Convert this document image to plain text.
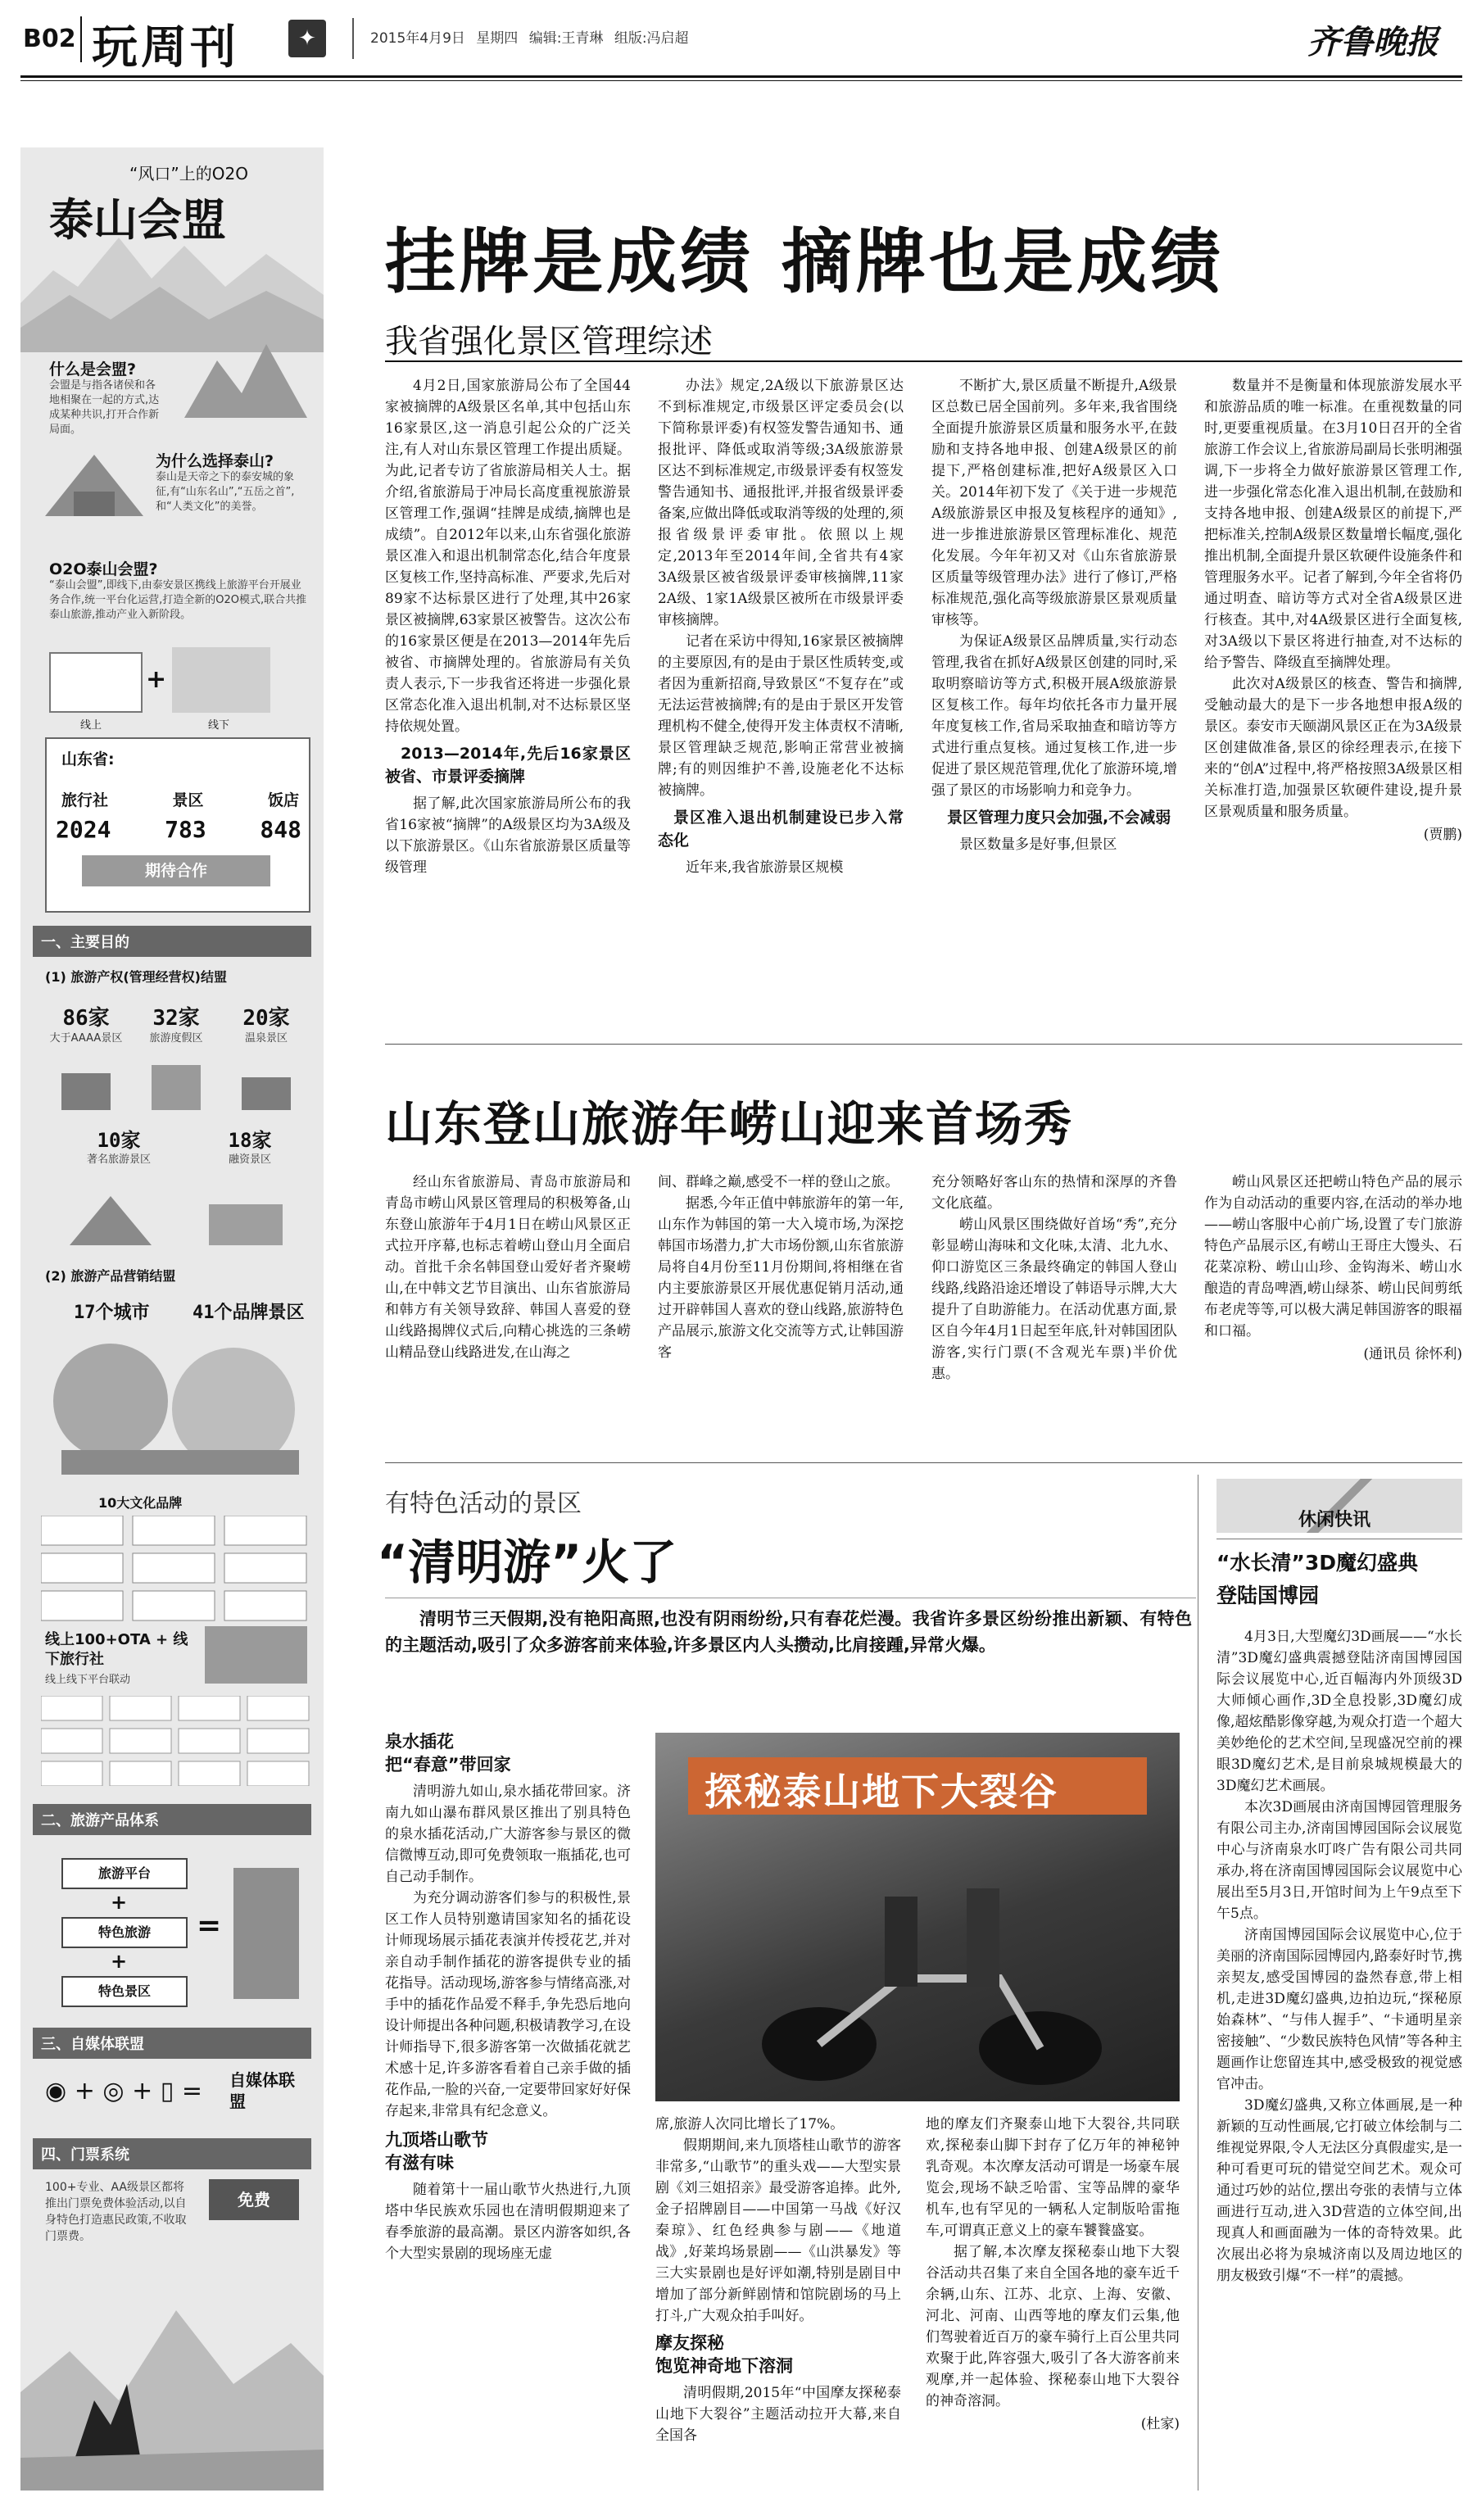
B02 玩周刊	✦	2015年4月9日 星期四 编辑:王青琳 组版:冯启超	齐鲁晚报
“风口”上的O2O
泰山会盟
什么是会盟?
会盟是与指各诸侯和各地相聚在一起的方式,达成某种共识,打开合作新局面。
为什么选择泰山?
泰山是天帝之下的泰安城的象征,有“山东名山”,“五岳之首”,和“人类文化”的美誉。
O2O泰山会盟?
“泰山会盟”,即线下,由泰安景区携线上旅游平台开展业务合作,统一平台化运营,打造全新的O2O模式,联合共推泰山旅游,推动产业入新阶段。
+
线上	线下
山东省:
旅行社	景区	饭店
2024 783 848
期待合作
一、主要目的
(1) 旅游产权(管理经营权)结盟
86家
大于AAAA景区
32家
旅游度假区
20家
温泉景区
10家
著名旅游景区
18家
融资景区
(2) 旅游产品营销结盟
17个城市 41个品牌景区
10大文化品牌
线上100+OTA + 线下旅行社
线上线下平台联动
二、旅游产品体系
旅游平台
+
特色旅游
+
特色景区
=
三、自媒体联盟
◉ + ◎ + ▯ = 自媒体联盟
四、门票系统
100+专业、AA级景区都将推出门票免费体验活动,以自身特色打造惠民政策,不收取门票费。
免费
挂牌是成绩 摘牌也是成绩
我省强化景区管理综述

4月2日,国家旅游局公布了全国44家被摘牌的A级景区名单,其中包括山东16家景区,这一消息引起公众的广泛关注,有人对山东景区管理工作提出质疑。为此,记者专访了省旅游局相关人士。据介绍,省旅游局于冲局长高度重视旅游景区管理工作,强调“挂牌是成绩,摘牌也是成绩”。自2012年以来,山东省强化旅游景区准入和退出机制常态化,结合年度景区复核工作,坚持高标准、严要求,先后对89家不达标景区进行了处理,其中26家景区被摘牌,63家景区被警告。这次公布的16家景区便是在2013—2014年先后被省、市摘牌处理的。省旅游局有关负责人表示,下一步我省还将进一步强化景区常态化准入退出机制,对不达标景区坚持依规处置。

2013—2014年,先后16家景区被省、市景评委摘牌

据了解,此次国家旅游局所公布的我省16家被“摘牌”的A级景区均为3A级及以下旅游景区。《山东省旅游景区质量等级管理

办法》规定,2A级以下旅游景区达不到标准规定,市级景区评定委员会(以下简称景评委)有权签发警告通知书、通报批评、降低或取消等级;3A级旅游景区达不到标准规定,市级景评委有权签发警告通知书、通报批评,并报省级景评委备案,应做出降低或取消等级的处理的,须报省级景评委审批。依照以上规定,2013年至2014年间,全省共有4家3A级景区被省级景评委审核摘牌,11家2A级、1家1A级景区被所在市级景评委审核摘牌。

记者在采访中得知,16家景区被摘牌的主要原因,有的是由于景区性质转变,或者因为重新招商,导致景区“不复存在”或无法运营被摘牌;有的是由于景区开发管理机构不健全,使得开发主体责权不清晰,景区管理缺乏规范,影响正常营业被摘牌;有的则因维护不善,设施老化不达标被摘牌。

景区准入退出机制建设已步入常态化

近年来,我省旅游景区规模

不断扩大,景区质量不断提升,A级景区总数已居全国前列。多年来,我省围绕全面提升旅游景区质量和服务水平,在鼓励和支持各地申报、创建A级景区的前提下,严格创建标准,把好A级景区入口关。2014年初下发了《关于进一步规范A级旅游景区申报及复核程序的通知》,进一步推进旅游景区管理标准化、规范化发展。今年年初又对《山东省旅游景区质量等级管理办法》进行了修订,严格标准规范,强化高等级旅游景区景观质量审核等。

为保证A级景区品牌质量,实行动态管理,我省在抓好A级景区创建的同时,采取明察暗访等方式,积极开展A级旅游景区复核工作。每年均依托各市力量开展年度复核工作,省局采取抽查和暗访等方式进行重点复核。通过复核工作,进一步促进了景区规范管理,优化了旅游环境,增强了景区的市场影响力和竞争力。

景区管理力度只会加强,不会减弱

景区数量多是好事,但景区

数量并不是衡量和体现旅游发展水平和旅游品质的唯一标准。在重视数量的同时,更要重视质量。在3月10日召开的全省旅游工作会议上,省旅游局副局长张明湘强调,下一步将全力做好旅游景区管理工作,进一步强化常态化准入退出机制,在鼓励和支持各地申报、创建A级景区的前提下,严把标准关,控制A级景区数量增长幅度,强化推出机制,全面提升景区软硬件设施条件和管理服务水平。记者了解到,今年全省将仍通过明查、暗访等方式对全省A级景区进行核查。其中,对4A级景区进行全面复核,对3A级以下景区将进行抽查,对不达标的给予警告、降级直至摘牌处理。

此次对A级景区的核查、警告和摘牌,受触动最大的是下一步各地想申报A级的景区。泰安市天颐湖风景区正在为3A级景区创建做准备,景区的徐经理表示,在接下来的“创A”过程中,将严格按照3A级景区相关标准打造,加强景区软硬件建设,提升景区景观质量和服务质量。

(贾鹏)
山东登山旅游年崂山迎来首场秀

经山东省旅游局、青岛市旅游局和青岛市崂山风景区管理局的积极筹备,山东登山旅游年于4月1日在崂山风景区正式拉开序幕,也标志着崂山登山月全面启动。首批千余名韩国登山爱好者齐聚崂山,在中韩文艺节目演出、山东省旅游局和韩方有关领导致辞、韩国人喜爱的登山线路揭牌仪式后,向精心挑选的三条崂山精品登山线路进发,在山海之

间、群峰之巅,感受不一样的登山之旅。

据悉,今年正值中韩旅游年的第一年,山东作为韩国的第一大入境市场,为深挖韩国市场潜力,扩大市场份额,山东省旅游局将自4月份至11月份期间,将相继在省内主要旅游景区开展优惠促销月活动,通过开辟韩国人喜欢的登山线路,旅游特色产品展示,旅游文化交流等方式,让韩国游客

充分领略好客山东的热情和深厚的齐鲁文化底蕴。

崂山风景区围绕做好首场“秀”,充分彰显崂山海味和文化味,太清、北九水、仰口游览区三条最终确定的韩国人登山线路,线路沿途还增设了韩语导示牌,大大提升了自助游能力。在活动优惠方面,景区自今年4月1日起至年底,针对韩国团队游客,实行门票(不含观光车票)半价优惠。

崂山风景区还把崂山特色产品的展示作为自动活动的重要内容,在活动的举办地——崂山客服中心前广场,设置了专门旅游特色产品展示区,有崂山王哥庄大馒头、石花菜凉粉、崂山山珍、金钩海米、崂山水酿造的青岛啤酒,崂山绿茶、崂山民间剪纸布老虎等等,可以极大满足韩国游客的眼福和口福。

(通讯员 徐怀利)
有特色活动的景区
“清明游”火了
清明节三天假期,没有艳阳高照,也没有阴雨纷纷,只有春花烂漫。我省许多景区纷纷推出新颖、有特色的主题活动,吸引了众多游客前来体验,许多景区内人头攒动,比肩接踵,异常火爆。
泉水插花
把“春意”带回家

清明游九如山,泉水插花带回家。济南九如山瀑布群风景区推出了别具特色的泉水插花活动,广大游客参与景区的微信微博互动,即可免费领取一瓶插花,也可自己动手制作。

为充分调动游客们参与的积极性,景区工作人员特别邀请国家知名的插花设计师现场展示插花表演并传授花艺,并对亲自动手制作插花的游客提供专业的插花指导。活动现场,游客参与情绪高涨,对手中的插花作品爱不释手,争先恐后地向设计师提出各种问题,积极请教学习,在设计师指导下,很多游客第一次做插花就艺术感十足,许多游客看着自己亲手做的插花作品,一脸的兴奋,一定要带回家好好保存起来,非常具有纪念意义。

九顶塔山歌节
有滋有味

随着第十一届山歌节火热进行,九顶塔中华民族欢乐园也在清明假期迎来了春季旅游的最高潮。景区内游客如织,各个大型实景剧的现场座无虚

探秘泰山地下大裂谷

席,旅游人次同比增长了17%。

假期期间,来九顶塔桂山歌节的游客非常多,“山歌节”的重头戏——大型实景剧《刘三姐招亲》最受游客追捧。此外,金子招牌剧目——中国第一马战《好汉秦琼》、红色经典参与剧——《地道战》,好莱坞场景剧——《山洪暴发》等三大实景剧也是好评如潮,特别是剧目中增加了部分新鲜剧情和馆院剧场的马上打斗,广大观众拍手叫好。

摩友探秘
饱览神奇地下溶洞

清明假期,2015年“中国摩友探秘泰山地下大裂谷”主题活动拉开大幕,来自全国各

地的摩友们齐聚泰山地下大裂谷,共同联欢,探秘泰山脚下封存了亿万年的神秘钟乳奇观。本次摩友活动可谓是一场豪车展览会,现场不缺乏哈雷、宝等品牌的豪华机车,也有罕见的一辆私人定制版哈雷拖车,可谓真正意义上的豪车饕餮盛宴。

据了解,本次摩友探秘泰山地下大裂谷活动共召集了来自全国各地的豪车近千余辆,山东、江苏、北京、上海、安徽、河北、河南、山西等地的摩友们云集,他们驾驶着近百万的豪车骑行上百公里共同欢聚于此,阵容强大,吸引了各大游客前来观摩,并一起体验、探秘泰山地下大裂谷的神奇溶洞。

(杜家)
休闲快讯
“水长清”3D魔幻盛典
登陆国博园

4月3日,大型魔幻3D画展——“水长清”3D魔幻盛典震撼登陆济南国博园国际会议展览中心,近百幅海内外顶级3D大师倾心画作,3D全息投影,3D魔幻成像,超炫酷影像穿越,为观众打造一个超大美妙绝伦的艺术空间,呈现盛况空前的裸眼3D魔幻艺术,是目前泉城规模最大的3D魔幻艺术画展。

本次3D画展由济南国博园管理服务有限公司主办,济南国博园国际会议展览中心与济南泉水叮咚广告有限公司共同承办,将在济南国博园国际会议展览中心展出至5月3日,开馆时间为上午9点至下午5点。

济南国博园国际会议展览中心,位于美丽的济南国际园博园内,路泰好时节,携亲契友,感受国博园的盎然春意,带上相机,走进3D魔幻盛典,边拍边玩,“探秘原始森林”、“与伟人握手”、“卡通明星亲密接触”、“少数民族特色风情”等各种主题画作让您留连其中,感受极致的视觉感官冲击。

3D魔幻盛典,又称立体画展,是一种新颖的互动性画展,它打破立体绘制与二维视觉界限,令人无法区分真假虚实,是一种可看更可玩的错觉空间艺术。观众可通过巧妙的站位,摆出夸张的表情与立体画进行互动,进入3D营造的立体空间,出现真人和画面融为一体的奇特效果。此次展出必将为泉城济南以及周边地区的朋友极致引爆“不一样”的震撼。
